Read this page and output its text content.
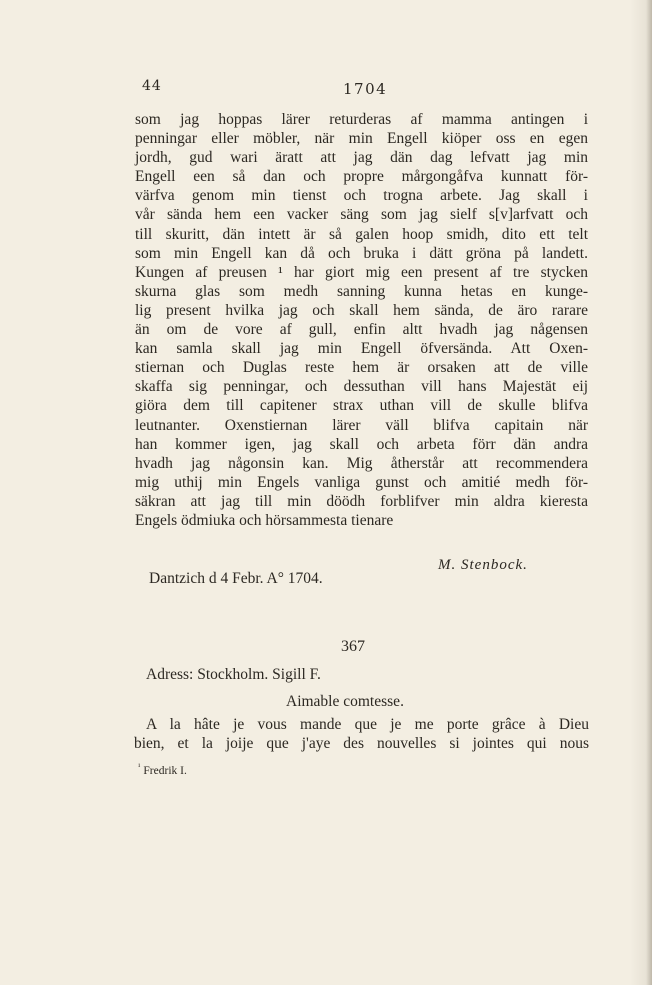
44	1704
som jag hoppas lärer returderas af mamma antingen i
penningar eller möbler, när min Engell kiöper oss en egen
jordh, gud wari äratt att jag dän dag lefvatt jag min
Engell een så dan och propre mårgongåfva kunnatt för-
värfva genom min tienst och trogna arbete. Jag skall i
vår sända hem een vacker säng som jag sielf s[v]arfvatt och
till skuritt, dän intett är så galen hoop smidh, dito ett telt
som min Engell kan då och bruka i dätt gröna på landett.
Kungen af preusen ¹ har giort mig een present af tre stycken
skurna glas som medh sanning kunna hetas en kunge-
lig present hvilka jag och skall hem sända, de äro rarare
än om de vore af gull, enfin altt hvadh jag någensen
kan samla skall jag min Engell öfversända. Att Oxen-
stiernan och Duglas reste hem är orsaken att de ville
skaffa sig penningar, och dessuthan vill hans Majestät eij
giöra dem till capitener strax uthan vill de skulle blifva
leutnanter. Oxenstiernan lärer väll blifva capitain när
han kommer igen, jag skall och arbeta förr dän andra
hvadh jag någonsin kan. Mig åtherstår att recommendera
mig uthij min Engels vanliga gunst och amitié medh för-
säkran att jag till min döödh forblifver min aldra kieresta
Engels ödmiuka och hörsammesta tienare
M. Stenbock.
Dantzich d 4 Febr. A° 1704.
367
Adress: Stockholm. Sigill F.
Aimable comtesse.
A la hâte je vous mande que je me porte grâce à Dieu
bien, et la joije que j'aye des nouvelles si jointes qui nous
$^{^1}$ Fredrik I.
